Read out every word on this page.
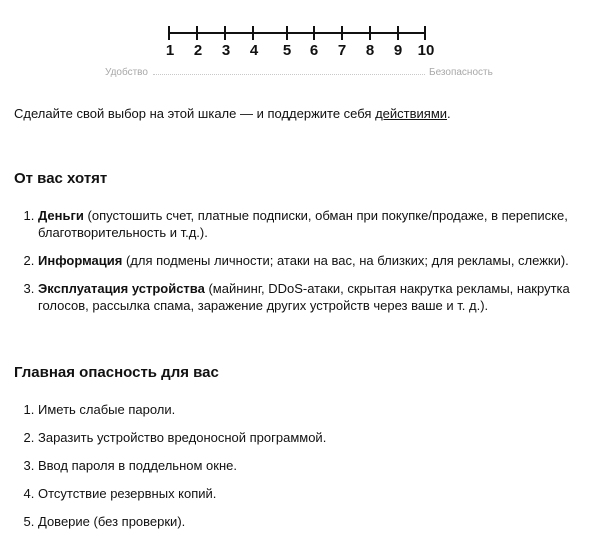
1	2	3	4	5	6	7	8	9	10
Удобство	Безопасность
Сделайте свой выбор на этой шкале — и поддержите себя действиями.
От вас хотят
1. Деньги (опустошить счет, платные подписки, обман при покупке/продаже, в переписке, благотворительность и т.д.).
2. Информация (для подмены личности; атаки на вас, на близких; для рекламы, слежки).
3. Эксплуатация устройства (майнинг, DDoS-атаки, скрытая накрутка рекламы, накрутка голосов, рассылка спама, заражение других устройств через ваше и т. д.).
Главная опасность для вас
1. Иметь слабые пароли.
2. Заразить устройство вредоносной программой.
3. Ввод пароля в поддельном окне.
4. Отсутствие резервных копий.
5. Доверие (без проверки).
